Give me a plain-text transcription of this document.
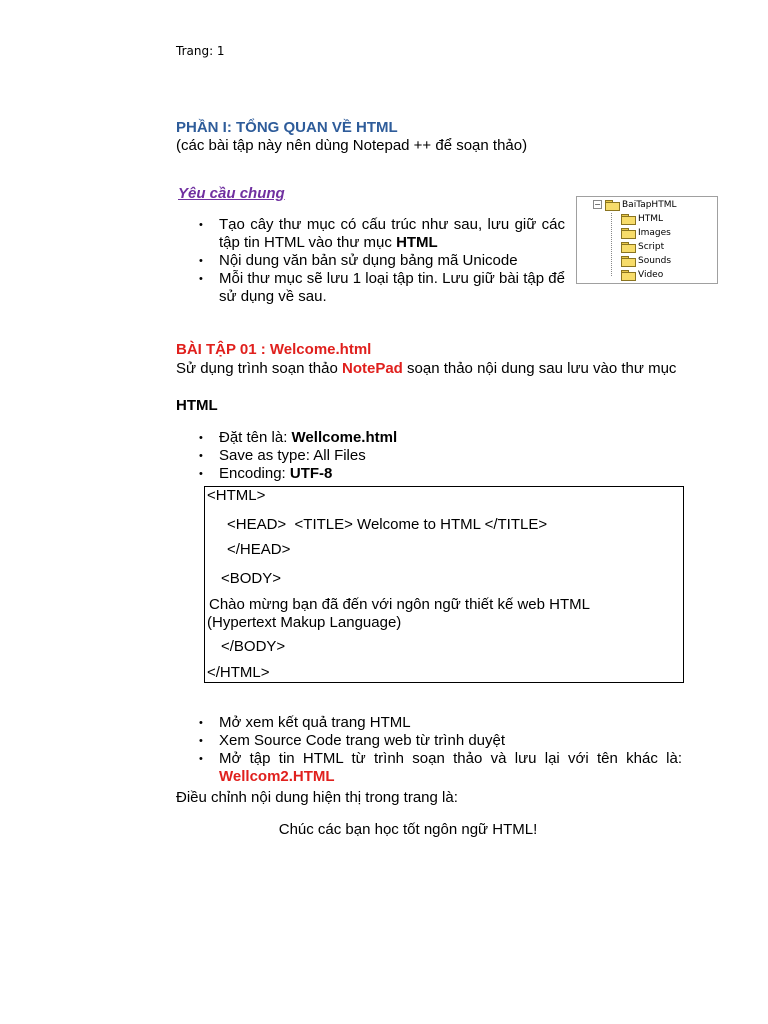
Trang: 1
PHẦN I: TỔNG QUAN VỀ HTML
(các bài tập này nên dùng Notepad ++ để soạn thảo)
Yêu cầu chung
• Tạo cây thư mục có cấu trúc như sau, lưu giữ các tập tin HTML vào thư mục HTML
• Nội dung văn bản sử dụng bảng mã Unicode
• Mỗi thư mục sẽ lưu 1 loại tập tin. Lưu giữ bài tập để sử dụng về sau.
− BaiTapHTML
HTML
Images
Script
Sounds
Video
BÀI TẬP 01 : Welcome.html
Sử dụng trình soạn thảo NotePad soạn thảo nội dung sau lưu vào thư mục
HTML
• Đặt tên là: Wellcome.html
• Save as type: All Files
• Encoding: UTF-8
<HTML>
<HEAD>  <TITLE> Welcome to HTML </TITLE>
</HEAD>
<BODY>
Chào mừng bạn đã đến với ngôn ngữ thiết kế web HTML
(Hypertext Makup Language)
</BODY>
</HTML>
• Mở xem kết quả trang HTML
• Xem Source Code trang web từ trình duyệt
• Mở tập tin HTML từ trình soạn thảo và lưu lại với tên khác là: Wellcom2.HTML
Điều chỉnh nội dung hiện thị trong trang là:
Chúc các bạn học tốt ngôn ngữ HTML!
